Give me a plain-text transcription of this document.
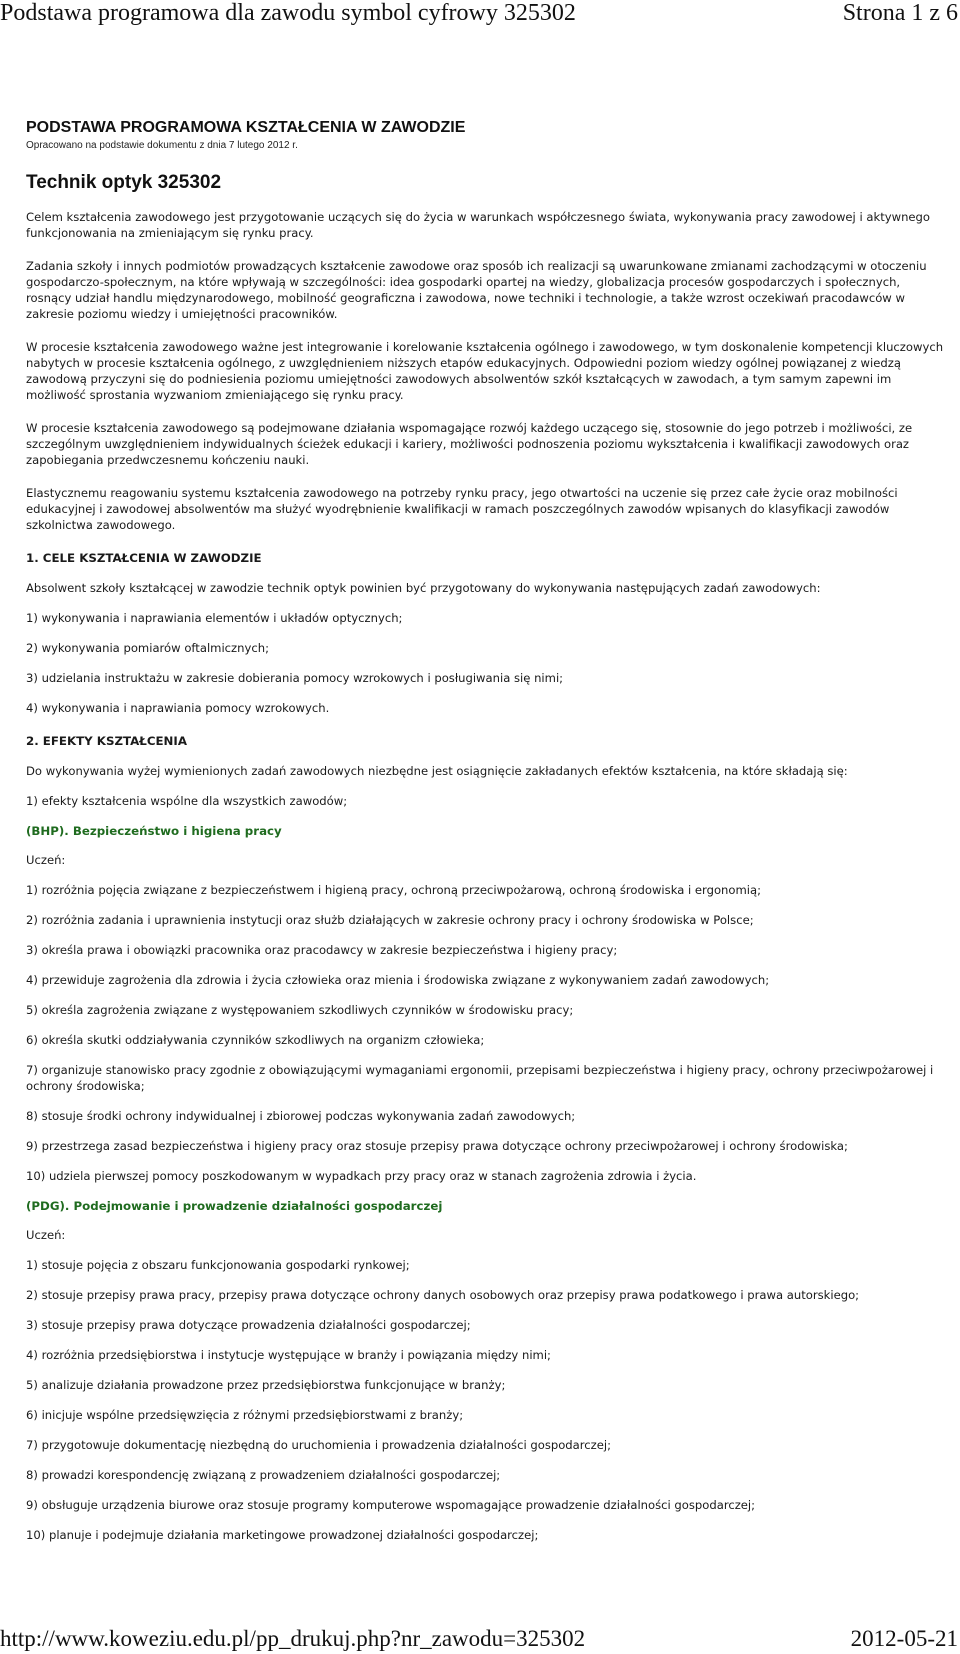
Podstawa programowa dla zawodu symbol cyfrowy 325302	Strona 1 z 6
PODSTAWA PROGRAMOWA KSZTAŁCENIA W ZAWODZIE

Opracowano na podstawie dokumentu z dnia 7 lutego 2012 r.

Technik optyk 325302

Celem kształcenia zawodowego jest przygotowanie uczących się do życia w warunkach współczesnego świata, wykonywania pracy zawodowej i aktywnego funkcjonowania na zmieniającym się rynku pracy.

Zadania szkoły i innych podmiotów prowadzących kształcenie zawodowe oraz sposób ich realizacji są uwarunkowane zmianami zachodzącymi w otoczeniu gospodarczo-społecznym, na które wpływają w szczególności: idea gospodarki opartej na wiedzy, globalizacja procesów gospodarczych i społecznych, rosnący udział handlu międzynarodowego, mobilność geograficzna i zawodowa, nowe techniki i technologie, a także wzrost oczekiwań pracodawców w zakresie poziomu wiedzy i umiejętności pracowników.

W procesie kształcenia zawodowego ważne jest integrowanie i korelowanie kształcenia ogólnego i zawodowego, w tym doskonalenie kompetencji kluczowych nabytych w procesie kształcenia ogólnego, z uwzględnieniem niższych etapów edukacyjnych. Odpowiedni poziom wiedzy ogólnej powiązanej z wiedzą zawodową przyczyni się do podniesienia poziomu umiejętności zawodowych absolwentów szkół kształcących w zawodach, a tym samym zapewni im możliwość sprostania wyzwaniom zmieniającego się rynku pracy.

W procesie kształcenia zawodowego są podejmowane działania wspomagające rozwój każdego uczącego się, stosownie do jego potrzeb i możliwości, ze szczególnym uwzględnieniem indywidualnych ścieżek edukacji i kariery, możliwości podnoszenia poziomu wykształcenia i kwalifikacji zawodowych oraz zapobiegania przedwczesnemu kończeniu nauki.

Elastycznemu reagowaniu systemu kształcenia zawodowego na potrzeby rynku pracy, jego otwartości na uczenie się przez całe życie oraz mobilności edukacyjnej i zawodowej absolwentów ma służyć wyodrębnienie kwalifikacji w ramach poszczególnych zawodów wpisanych do klasyfikacji zawodów szkolnictwa zawodowego.

1. CELE KSZTAŁCENIA W ZAWODZIE

Absolwent szkoły kształcącej w zawodzie technik optyk powinien być przygotowany do wykonywania następujących zadań zawodowych:

1) wykonywania i naprawiania elementów i układów optycznych;

2) wykonywania pomiarów oftalmicznych;

3) udzielania instruktażu w zakresie dobierania pomocy wzrokowych i posługiwania się nimi;

4) wykonywania i naprawiania pomocy wzrokowych.

2. EFEKTY KSZTAŁCENIA

Do wykonywania wyżej wymienionych zadań zawodowych niezbędne jest osiągnięcie zakładanych efektów kształcenia, na które składają się:

1) efekty kształcenia wspólne dla wszystkich zawodów;

(BHP). Bezpieczeństwo i higiena pracy

Uczeń:

1) rozróżnia pojęcia związane z bezpieczeństwem i higieną pracy, ochroną przeciwpożarową, ochroną środowiska i ergonomią;

2) rozróżnia zadania i uprawnienia instytucji oraz służb działających w zakresie ochrony pracy i ochrony środowiska w Polsce;

3) określa prawa i obowiązki pracownika oraz pracodawcy w zakresie bezpieczeństwa i higieny pracy;

4) przewiduje zagrożenia dla zdrowia i życia człowieka oraz mienia i środowiska związane z wykonywaniem zadań zawodowych;

5) określa zagrożenia związane z występowaniem szkodliwych czynników w środowisku pracy;

6) określa skutki oddziaływania czynników szkodliwych na organizm człowieka;

7) organizuje stanowisko pracy zgodnie z obowiązującymi wymaganiami ergonomii, przepisami bezpieczeństwa i higieny pracy, ochrony przeciwpożarowej i ochrony środowiska;

8) stosuje środki ochrony indywidualnej i zbiorowej podczas wykonywania zadań zawodowych;

9) przestrzega zasad bezpieczeństwa i higieny pracy oraz stosuje przepisy prawa dotyczące ochrony przeciwpożarowej i ochrony środowiska;

10) udziela pierwszej pomocy poszkodowanym w wypadkach przy pracy oraz w stanach zagrożenia zdrowia i życia.

(PDG). Podejmowanie i prowadzenie działalności gospodarczej

Uczeń:

1) stosuje pojęcia z obszaru funkcjonowania gospodarki rynkowej;

2) stosuje przepisy prawa pracy, przepisy prawa dotyczące ochrony danych osobowych oraz przepisy prawa podatkowego i prawa autorskiego;

3) stosuje przepisy prawa dotyczące prowadzenia działalności gospodarczej;

4) rozróżnia przedsiębiorstwa i instytucje występujące w branży i powiązania między nimi;

5) analizuje działania prowadzone przez przedsiębiorstwa funkcjonujące w branży;

6) inicjuje wspólne przedsięwzięcia z różnymi przedsiębiorstwami z branży;

7) przygotowuje dokumentację niezbędną do uruchomienia i prowadzenia działalności gospodarczej;

8) prowadzi korespondencję związaną z prowadzeniem działalności gospodarczej;

9) obsługuje urządzenia biurowe oraz stosuje programy komputerowe wspomagające prowadzenie działalności gospodarczej;

10) planuje i podejmuje działania marketingowe prowadzonej działalności gospodarczej;

http://www.koweziu.edu.pl/pp_drukuj.php?nr_zawodu=325302	2012-05-21
